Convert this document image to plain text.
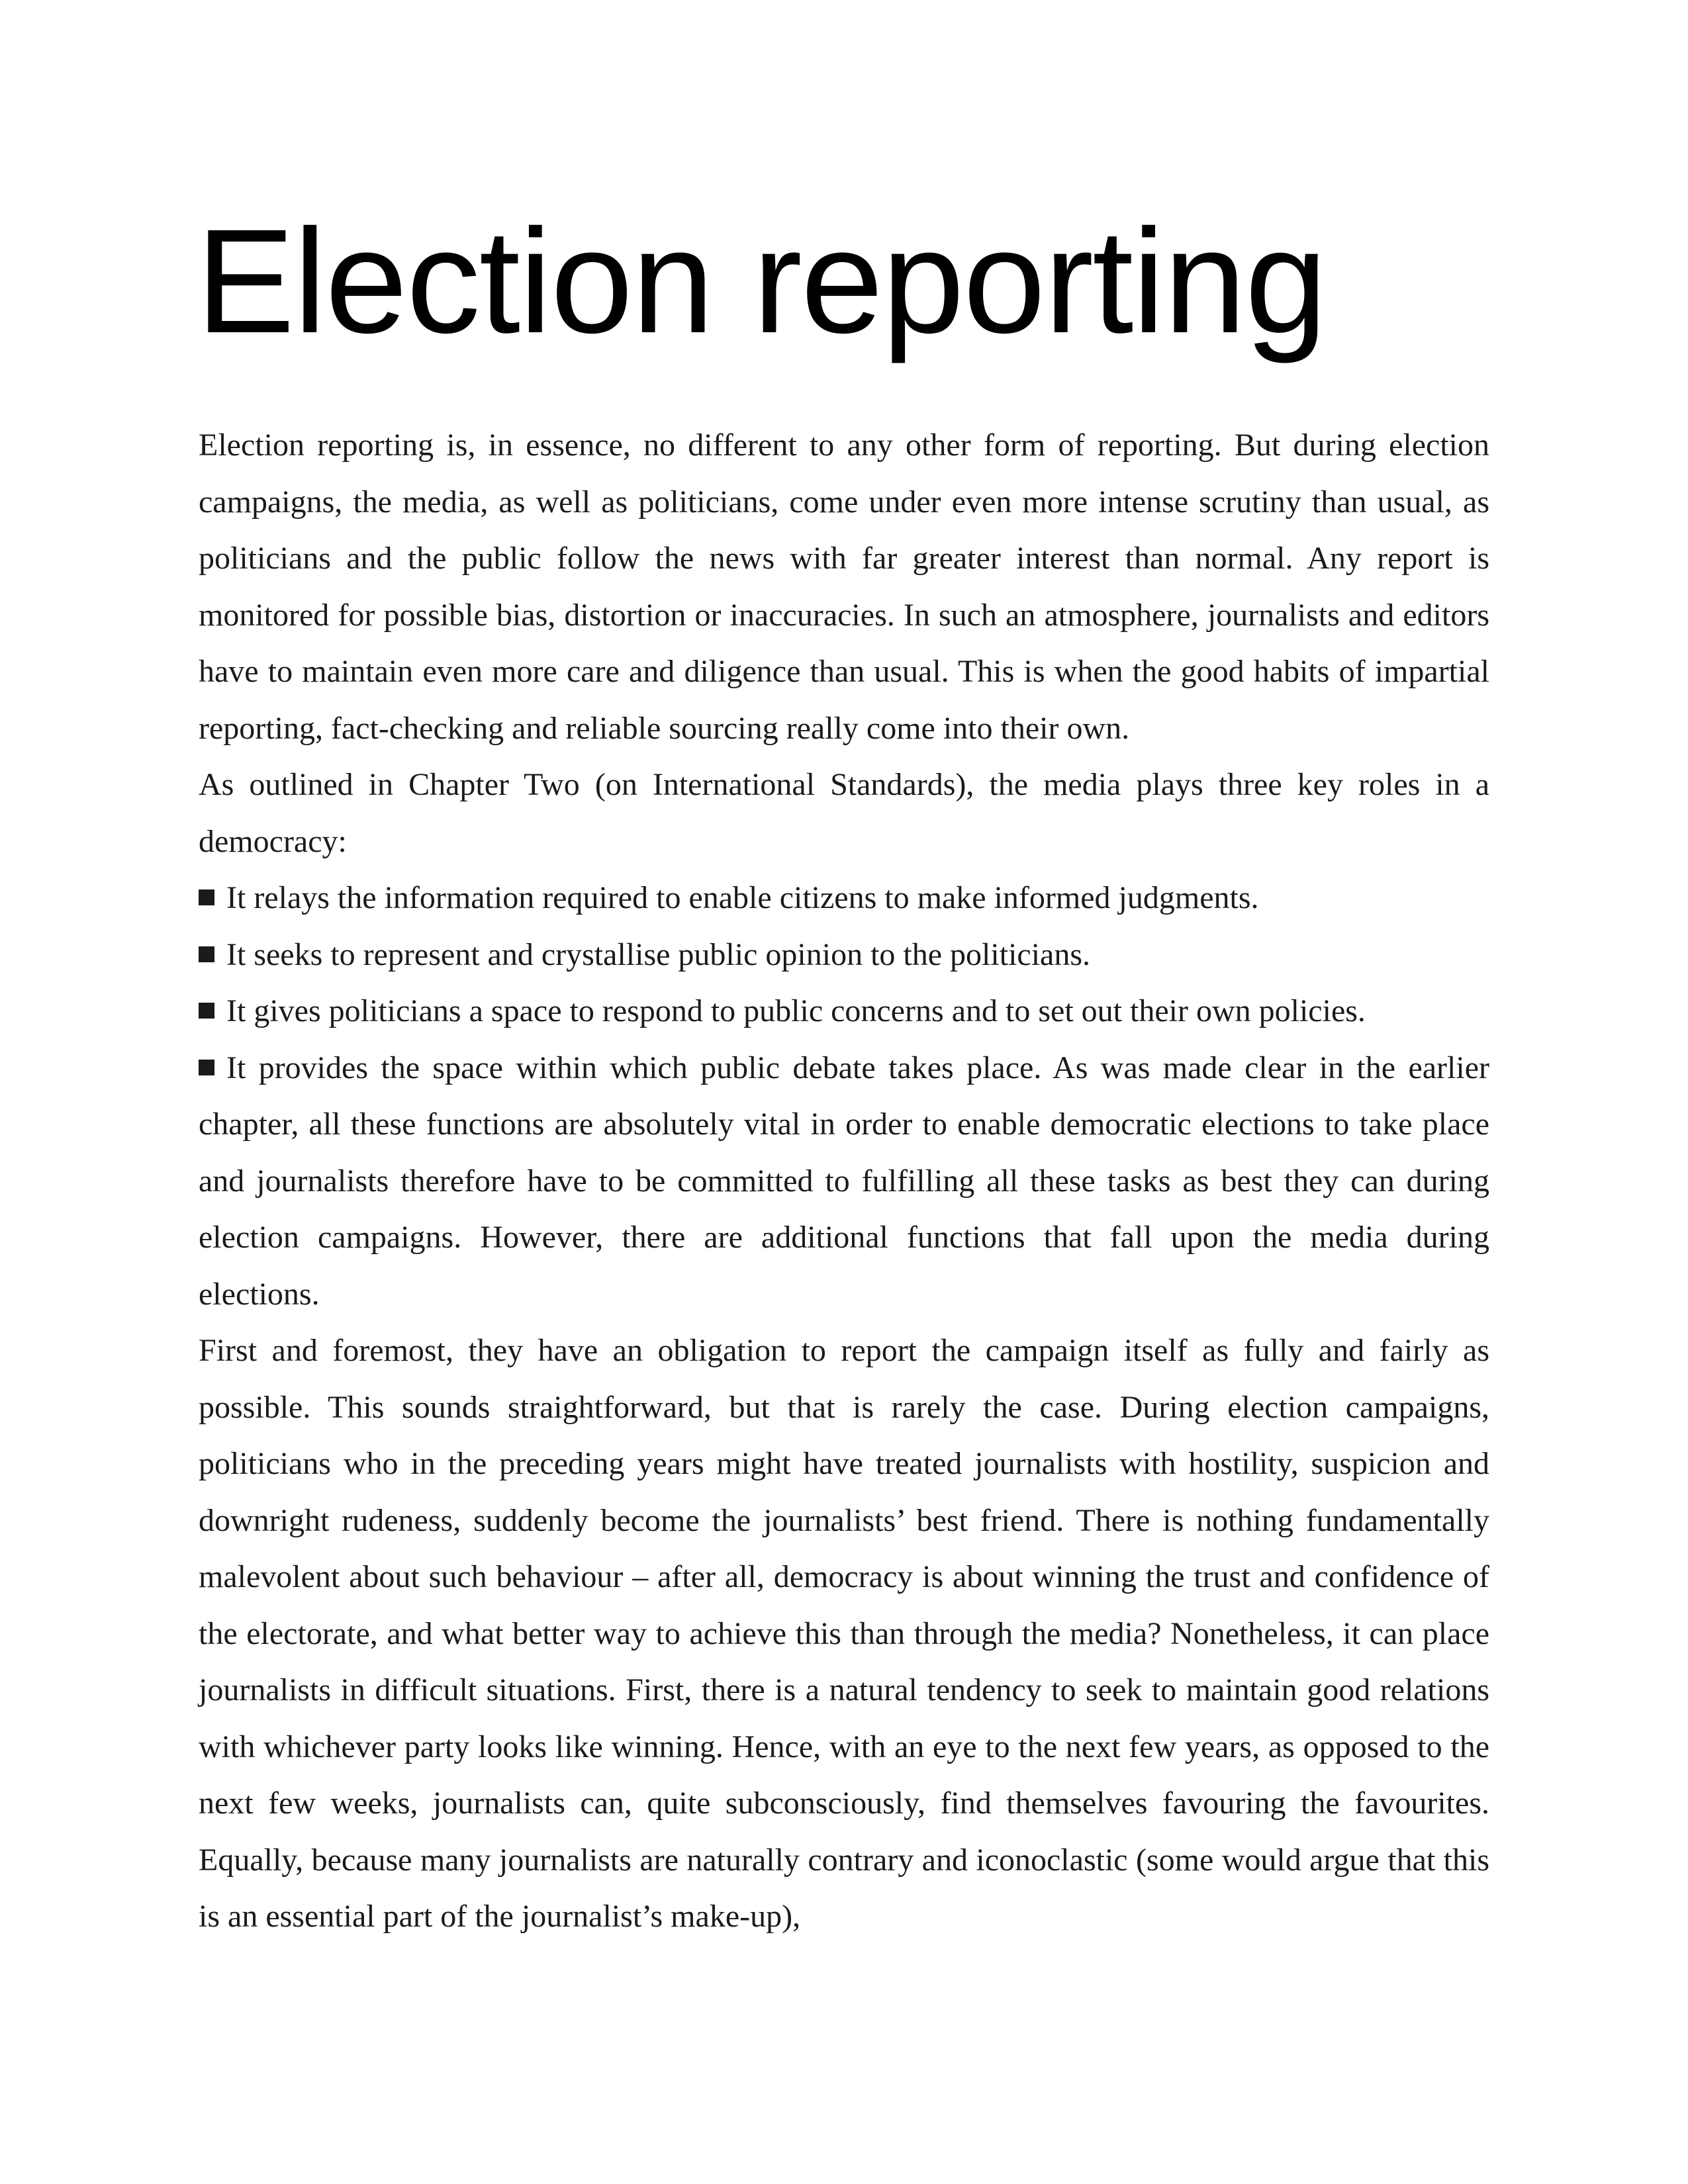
Election reporting

Election reporting is, in essence, no different to any other form of reporting. But during election campaigns, the media, as well as politicians, come under even more intense scrutiny than usual, as politicians and the public follow the news with far greater interest than normal. Any report is monitored for possible bias, distortion or inaccuracies. In such an atmosphere, journalists and editors have to maintain even more care and diligence than usual. This is when the good habits of impartial reporting, fact-checking and reliable sourcing really come into their own.

As outlined in Chapter Two (on International Standards), the media plays three key roles in a democracy:

It relays the information required to enable citizens to make informed judgments.

It seeks to represent and crystallise public opinion to the politicians.

It gives politicians a space to respond to public concerns and to set out their own policies.

It provides the space within which public debate takes place. As was made clear in the earlier chapter, all these functions are absolutely vital in order to enable democratic elections to take place and journalists therefore have to be committed to fulfilling all these tasks as best they can during election campaigns. However, there are additional functions that fall upon the media during elections.

First and foremost, they have an obligation to report the campaign itself as fully and fairly as possible. This sounds straightforward, but that is rarely the case. During election campaigns, politicians who in the preceding years might have treated journalists with hostility, suspicion and downright rudeness, suddenly become the journalists’ best friend. There is nothing fundamentally malevolent about such behaviour – after all, democracy is about winning the trust and confidence of the electorate, and what better way to achieve this than through the media? Nonetheless, it can place journalists in difficult situations. First, there is a natural tendency to seek to maintain good relations with whichever party looks like winning. Hence, with an eye to the next few years, as opposed to the next few weeks, journalists can, quite subconsciously, find themselves favouring the favourites. Equally, because many journalists are naturally contrary and iconoclastic (some would argue that this is an essential part of the journalist’s make-up),
